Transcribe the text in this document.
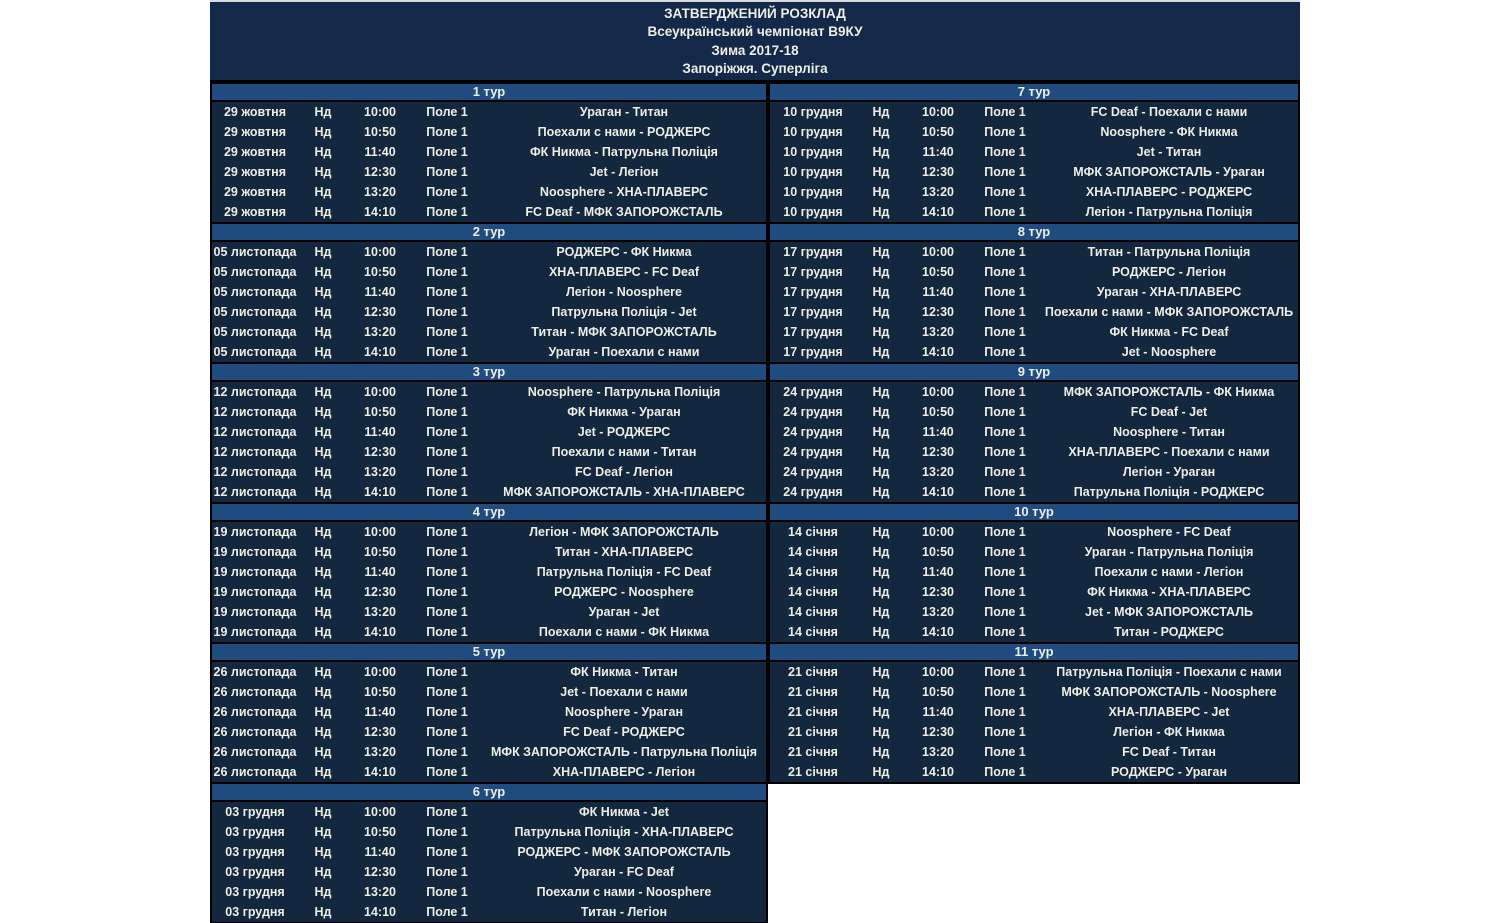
ЗАТВЕРДЖЕНИЙ РОЗКЛАД
Всеукраїнський чемпіонат В9КУ
Зима 2017-18
Запоріжжя. Суперліга
1 тур
29 жовтня	Нд	10:00	Поле 1	Ураган - Титан
29 жовтня	Нд	10:50	Поле 1	Поехали с нами - РОДЖЕРС
29 жовтня	Нд	11:40	Поле 1	ФК Никма - Патрульна Поліція
29 жовтня	Нд	12:30	Поле 1	Jet - Легіон
29 жовтня	Нд	13:20	Поле 1	Noosphere - ХНА-ПЛАВЕРС
29 жовтня	Нд	14:10	Поле 1	FC Deaf - МФК ЗАПОРОЖСТАЛЬ
2 тур
05 листопада	Нд	10:00	Поле 1	РОДЖЕРС - ФК Никма
05 листопада	Нд	10:50	Поле 1	ХНА-ПЛАВЕРС - FC Deaf
05 листопада	Нд	11:40	Поле 1	Легіон - Noosphere
05 листопада	Нд	12:30	Поле 1	Патрульна Поліція - Jet
05 листопада	Нд	13:20	Поле 1	Титан - МФК ЗАПОРОЖСТАЛЬ
05 листопада	Нд	14:10	Поле 1	Ураган - Поехали с нами
3 тур
12 листопада	Нд	10:00	Поле 1	Noosphere - Патрульна Поліція
12 листопада	Нд	10:50	Поле 1	ФК Никма - Ураган
12 листопада	Нд	11:40	Поле 1	Jet - РОДЖЕРС
12 листопада	Нд	12:30	Поле 1	Поехали с нами - Титан
12 листопада	Нд	13:20	Поле 1	FC Deaf - Легіон
12 листопада	Нд	14:10	Поле 1	МФК ЗАПОРОЖСТАЛЬ - ХНА-ПЛАВЕРС
4 тур
19 листопада	Нд	10:00	Поле 1	Легіон - МФК ЗАПОРОЖСТАЛЬ
19 листопада	Нд	10:50	Поле 1	Титан - ХНА-ПЛАВЕРС
19 листопада	Нд	11:40	Поле 1	Патрульна Поліція - FC Deaf
19 листопада	Нд	12:30	Поле 1	РОДЖЕРС - Noosphere
19 листопада	Нд	13:20	Поле 1	Ураган - Jet
19 листопада	Нд	14:10	Поле 1	Поехали с нами - ФК Никма
5 тур
26 листопада	Нд	10:00	Поле 1	ФК Никма - Титан
26 листопада	Нд	10:50	Поле 1	Jet - Поехали с нами
26 листопада	Нд	11:40	Поле 1	Noosphere - Ураган
26 листопада	Нд	12:30	Поле 1	FC Deaf - РОДЖЕРС
26 листопада	Нд	13:20	Поле 1	МФК ЗАПОРОЖСТАЛЬ - Патрульна Поліція
26 листопада	Нд	14:10	Поле 1	ХНА-ПЛАВЕРС - Легіон
6 тур
03 грудня	Нд	10:00	Поле 1	ФК Никма - Jet
03 грудня	Нд	10:50	Поле 1	Патрульна Поліція - ХНА-ПЛАВЕРС
03 грудня	Нд	11:40	Поле 1	РОДЖЕРС - МФК ЗАПОРОЖСТАЛЬ
03 грудня	Нд	12:30	Поле 1	Ураган - FC Deaf
03 грудня	Нд	13:20	Поле 1	Поехали с нами - Noosphere
03 грудня	Нд	14:10	Поле 1	Титан - Легіон
7 тур
10 грудня	Нд	10:00	Поле 1	FC Deaf - Поехали с нами
10 грудня	Нд	10:50	Поле 1	Noosphere - ФК Никма
10 грудня	Нд	11:40	Поле 1	Jet - Титан
10 грудня	Нд	12:30	Поле 1	МФК ЗАПОРОЖСТАЛЬ - Ураган
10 грудня	Нд	13:20	Поле 1	ХНА-ПЛАВЕРС - РОДЖЕРС
10 грудня	Нд	14:10	Поле 1	Легіон - Патрульна Поліція
8 тур
17 грудня	Нд	10:00	Поле 1	Титан - Патрульна Поліція
17 грудня	Нд	10:50	Поле 1	РОДЖЕРС - Легіон
17 грудня	Нд	11:40	Поле 1	Ураган - ХНА-ПЛАВЕРС
17 грудня	Нд	12:30	Поле 1	Поехали с нами - МФК ЗАПОРОЖСТАЛЬ
17 грудня	Нд	13:20	Поле 1	ФК Никма - FC Deaf
17 грудня	Нд	14:10	Поле 1	Jet - Noosphere
9 тур
24 грудня	Нд	10:00	Поле 1	МФК ЗАПОРОЖСТАЛЬ - ФК Никма
24 грудня	Нд	10:50	Поле 1	FC Deaf - Jet
24 грудня	Нд	11:40	Поле 1	Noosphere - Титан
24 грудня	Нд	12:30	Поле 1	ХНА-ПЛАВЕРС - Поехали с нами
24 грудня	Нд	13:20	Поле 1	Легіон - Ураган
24 грудня	Нд	14:10	Поле 1	Патрульна Поліція - РОДЖЕРС
10 тур
14 січня	Нд	10:00	Поле 1	Noosphere - FC Deaf
14 січня	Нд	10:50	Поле 1	Ураган - Патрульна Поліція
14 січня	Нд	11:40	Поле 1	Поехали с нами - Легіон
14 січня	Нд	12:30	Поле 1	ФК Никма - ХНА-ПЛАВЕРС
14 січня	Нд	13:20	Поле 1	Jet - МФК ЗАПОРОЖСТАЛЬ
14 січня	Нд	14:10	Поле 1	Титан - РОДЖЕРС
11 тур
21 січня	Нд	10:00	Поле 1	Патрульна Поліція - Поехали с нами
21 січня	Нд	10:50	Поле 1	МФК ЗАПОРОЖСТАЛЬ - Noosphere
21 січня	Нд	11:40	Поле 1	ХНА-ПЛАВЕРС - Jet
21 січня	Нд	12:30	Поле 1	Легіон - ФК Никма
21 січня	Нд	13:20	Поле 1	FC Deaf - Титан
21 січня	Нд	14:10	Поле 1	РОДЖЕРС - Ураган
